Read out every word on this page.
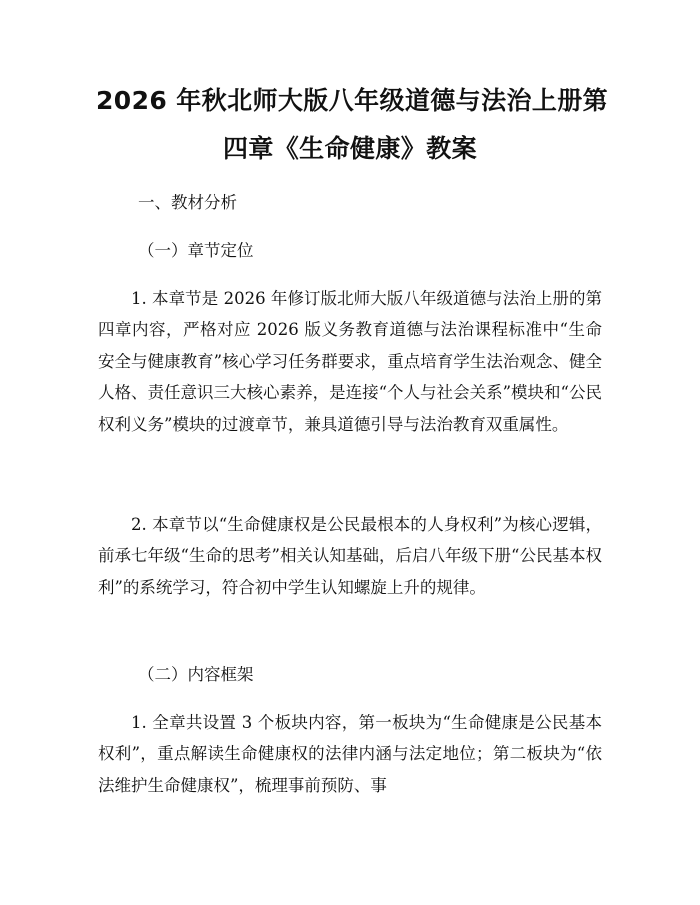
2026 年秋北师大版八年级道德与法治上册第
四章《生命健康》教案
一、教材分析
（一）章节定位

1. 本章节是 2026 年修订版北师大版八年级道德与法治上册的第四章内容，严格对应 2026 版义务教育道德与法治课程标准中“生命安全与健康教育”核心学习任务群要求，重点培育学生法治观念、健全人格、责任意识三大核心素养，是连接“个人与社会关系”模块和“公民权利义务”模块的过渡章节，兼具道德引导与法治教育双重属性。

2. 本章节以“生命健康权是公民最根本的人身权利”为核心逻辑，前承七年级“生命的思考”相关认知基础，后启八年级下册“公民基本权利”的系统学习，符合初中学生认知螺旋上升的规律。

（二）内容框架

1. 全章共设置 3 个板块内容，第一板块为“生命健康是公民基本权利”，重点解读生命健康权的法律内涵与法定地位；第二板块为“依法维护生命健康权”，梳理事前预防、事
